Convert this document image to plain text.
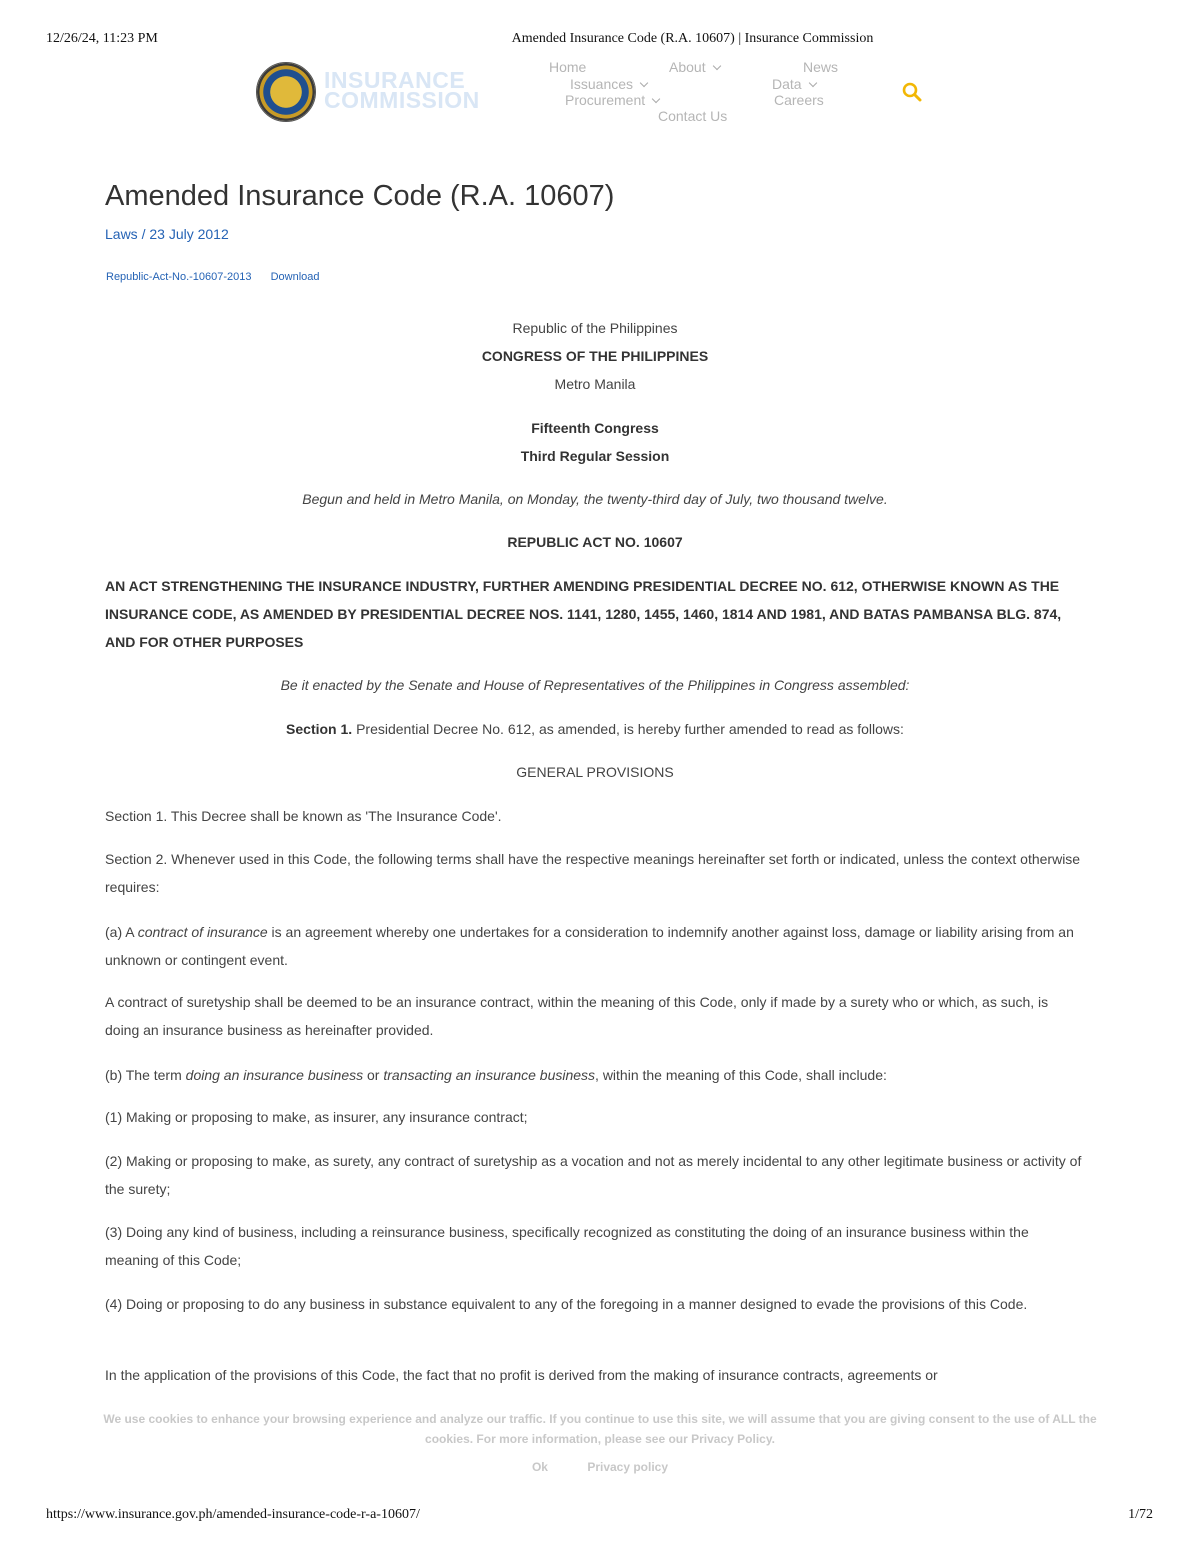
12/26/24, 11:23 PM	Amended Insurance Code (R.A. 10607) | Insurance Commission
INSURANCE
COMMISSION
Home	About	News
Issuances	Data
Procurement	Careers
Contact Us
Amended Insurance Code (R.A. 10607)
Laws / 23 July 2012
Republic-Act-No.-10607-2013 Download

Republic of the Philippines

CONGRESS OF THE PHILIPPINES

Metro Manila

Fifteenth Congress

Third Regular Session

Begun and held in Metro Manila, on Monday, the twenty-third day of July, two thousand twelve.

REPUBLIC ACT NO. 10607

AN ACT STRENGTHENING THE INSURANCE INDUSTRY, FURTHER AMENDING PRESIDENTIAL DECREE NO. 612, OTHERWISE KNOWN AS THE INSURANCE CODE, AS AMENDED BY PRESIDENTIAL DECREE NOS. 1141, 1280, 1455, 1460, 1814 AND 1981, AND BATAS PAMBANSA BLG. 874, AND FOR OTHER PURPOSES

Be it enacted by the Senate and House of Representatives of the Philippines in Congress assembled:

Section 1. Presidential Decree No. 612, as amended, is hereby further amended to read as follows:

GENERAL PROVISIONS

Section 1. This Decree shall be known as 'The Insurance Code'.

Section 2. Whenever used in this Code, the following terms shall have the respective meanings hereinafter set forth or indicated, unless the context otherwise requires:

(a) A contract of insurance is an agreement whereby one undertakes for a consideration to indemnify another against loss, damage or liability arising from an unknown or contingent event.

A contract of suretyship shall be deemed to be an insurance contract, within the meaning of this Code, only if made by a surety who or which, as such, is doing an insurance business as hereinafter provided.

(b) The term doing an insurance business or transacting an insurance business, within the meaning of this Code, shall include:

(1) Making or proposing to make, as insurer, any insurance contract;

(2) Making or proposing to make, as surety, any contract of suretyship as a vocation and not as merely incidental to any other legitimate business or activity of the surety;

(3) Doing any kind of business, including a reinsurance business, specifically recognized as constituting the doing of an insurance business within the meaning of this Code;

(4) Doing or proposing to do any business in substance equivalent to any of the foregoing in a manner designed to evade the provisions of this Code.

In the application of the provisions of this Code, the fact that no profit is derived from the making of insurance contracts, agreements or

We use cookies to enhance your browsing experience and analyze our traffic. If you continue to use this site, we will assume that you are giving consent to the use of ALL the cookies. For more information, please see our Privacy Policy.
Ok	Privacy policy
https://www.insurance.gov.ph/amended-insurance-code-r-a-10607/	1/72
